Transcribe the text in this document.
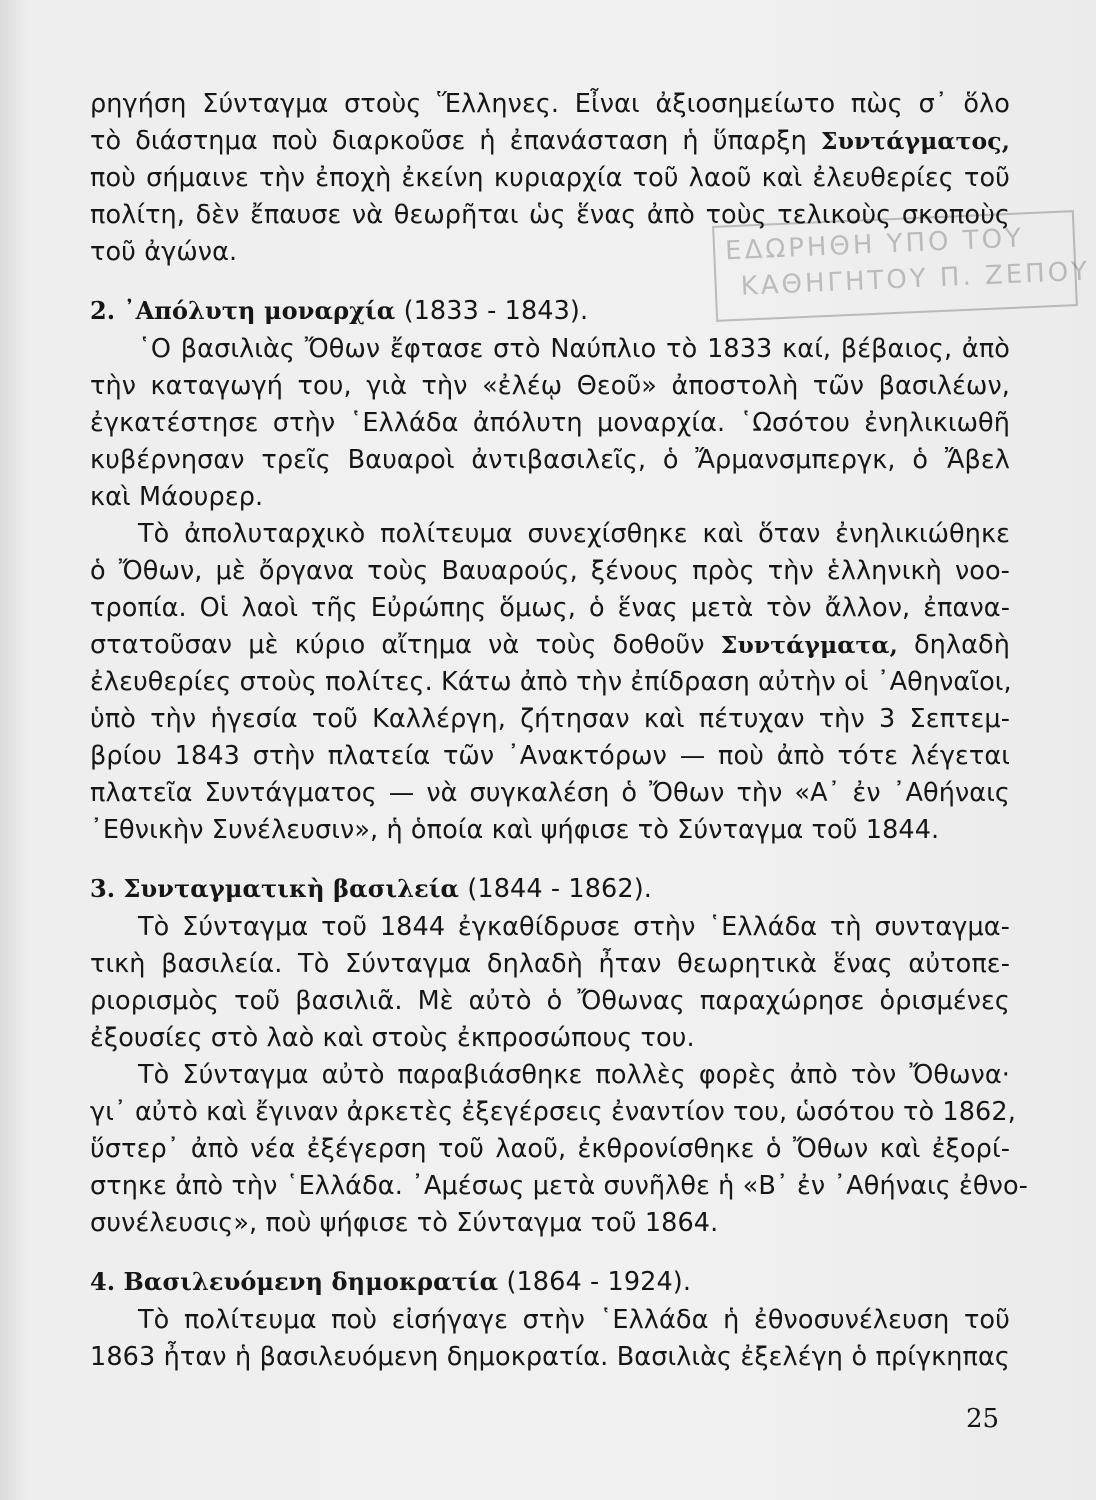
ΕΔΩΡΗΘΗ ΥΠΟ ΤΟΥ
ΚΑΘΗΓΗΤΟΥ Π. ΖΕΠΟΥ

ρηγήση Σύνταγμα στοὺς Ἕλληνες. Εἶναι ἀξιοσημείωτο πὼς σ᾽ ὅλο
τὸ διάστημα ποὺ διαρκοῦσε ἡ ἐπανάσταση ἡ ὕπαρξη Συντάγματος,
ποὺ σήμαινε τὴν ἐποχὴ ἐκείνη κυριαρχία τοῦ λαοῦ καὶ ἐλευθερίες τοῦ
πολίτη, δὲν ἔπαυσε νὰ θεωρῆται ὡς ἕνας ἀπὸ τοὺς τελικοὺς σκοποὺς
τοῦ ἀγώνα.

2. ᾽Απόλυτη μοναρχία (1833 - 1843).

῾Ο βασιλιὰς Ὄθων ἔφτασε στὸ Ναύπλιο τὸ 1833 καί, βέβαιος, ἀπὸ
τὴν καταγωγή του, γιὰ τὴν «ἐλέῳ Θεοῦ» ἀποστολὴ τῶν βασιλέων,
ἐγκατέστησε στὴν ῾Ελλάδα ἀπόλυτη μοναρχία. ῾Ωσότου ἐνηλικιωθῆ
κυβέρνησαν τρεῖς Βαυαροὶ ἀντιβασιλεῖς, ὁ Ἄρμανσμπεργκ, ὁ Ἄβελ
καὶ Μάουρερ.

Τὸ ἀπολυταρχικὸ πολίτευμα συνεχίσθηκε καὶ ὅταν ἐνηλικιώθηκε
ὁ Ὄθων, μὲ ὄργανα τοὺς Βαυαρούς, ξένους πρὸς τὴν ἑλληνικὴ νοο-
τροπία. Οἱ λαοὶ τῆς Εὐρώπης ὅμως, ὁ ἕνας μετὰ τὸν ἄλλον, ἐπανα-
στατοῦσαν μὲ κύριο αἴτημα νὰ τοὺς δοθοῦν Συντάγματα, δηλαδὴ
ἐλευθερίες στοὺς πολίτες. Κάτω ἀπὸ τὴν ἐπίδραση αὐτὴν οἱ ᾽Αθηναῖοι,
ὑπὸ τὴν ἡγεσία τοῦ Καλλέργη, ζήτησαν καὶ πέτυχαν τὴν 3 Σεπτεμ-
βρίου 1843 στὴν πλατεία τῶν ᾽Ανακτόρων — ποὺ ἀπὸ τότε λέγεται
πλατεῖα Συντάγματος — νὰ συγκαλέση ὁ Ὄθων τὴν «Α᾽ ἐν ᾽Αθήναις
᾽Εθνικὴν Συνέλευσιν», ἡ ὁποία καὶ ψήφισε τὸ Σύνταγμα τοῦ 1844.

3. Συνταγματικὴ βασιλεία (1844 - 1862).

Τὸ Σύνταγμα τοῦ 1844 ἐγκαθίδρυσε στὴν ῾Ελλάδα τὴ συνταγμα-
τικὴ βασιλεία. Τὸ Σύνταγμα δηλαδὴ ἦταν θεωρητικὰ ἕνας αὐτοπε-
ριορισμὸς τοῦ βασιλιᾶ. Μὲ αὐτὸ ὁ Ὄθωνας παραχώρησε ὁρισμένες
ἐξουσίες στὸ λαὸ καὶ στοὺς ἐκπροσώπους του.

Τὸ Σύνταγμα αὐτὸ παραβιάσθηκε πολλὲς φορὲς ἀπὸ τὸν Ὄθωνα·
γι᾽ αὐτὸ καὶ ἔγιναν ἀρκετὲς ἐξεγέρσεις ἐναντίον του, ὡσότου τὸ 1862,
ὕστερ᾽ ἀπὸ νέα ἐξέγερση τοῦ λαοῦ, ἐκθρονίσθηκε ὁ Ὄθων καὶ ἐξορί-
στηκε ἀπὸ τὴν ῾Ελλάδα. ᾽Αμέσως μετὰ συνῆλθε ἡ «Β᾽ ἐν ᾽Αθήναις ἐθνο-
συνέλευσις», ποὺ ψήφισε τὸ Σύνταγμα τοῦ 1864.

4. Βασιλευόμενη δημοκρατία (1864 - 1924).

Τὸ πολίτευμα ποὺ εἰσήγαγε στὴν ῾Ελλάδα ἡ ἐθνοσυνέλευση τοῦ
1863 ἦταν ἡ βασιλευόμενη δημοκρατία. Βασιλιὰς ἐξελέγη ὁ πρίγκηπας

25
